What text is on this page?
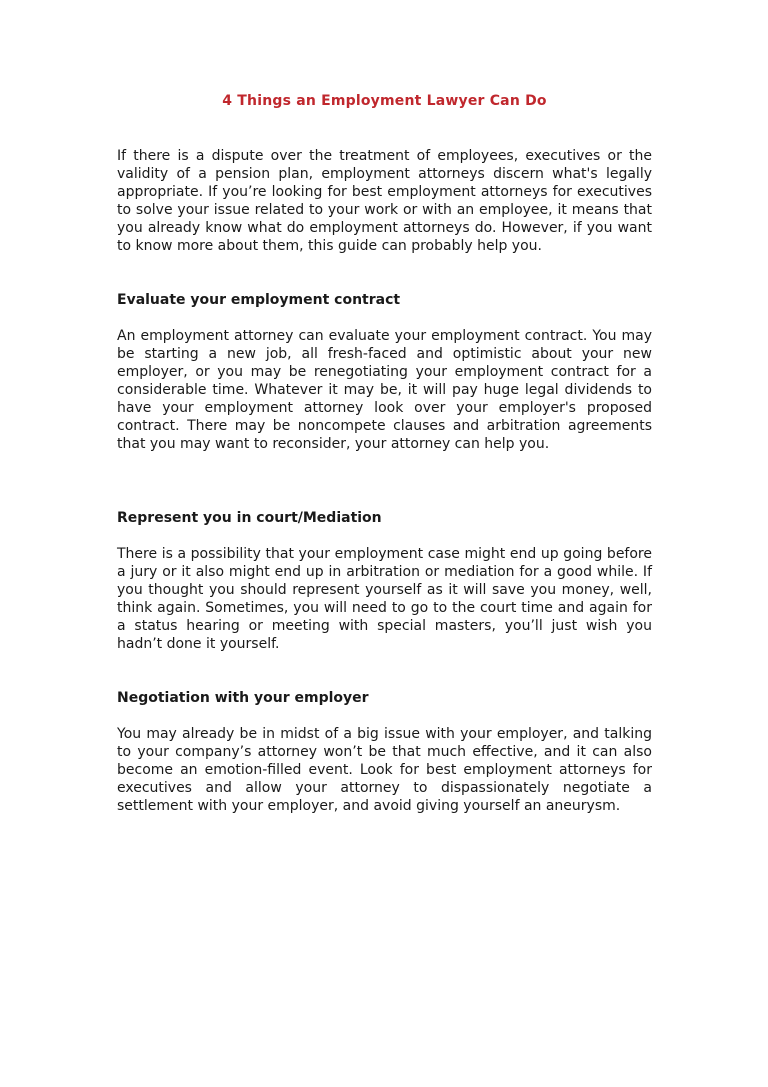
4 Things an Employment Lawyer Can Do

If there is a dispute over the treatment of employees, executives or the validity of a pension plan, employment attorneys discern what's legally appropriate. If you’re looking for best employment attorneys for executives to solve your issue related to your work or with an employee, it means that you already know what do employment attorneys do. However, if you want to know more about them, this guide can probably help you.

Evaluate your employment contract

An employment attorney can evaluate your employment contract. You may be starting a new job, all fresh-faced and optimistic about your new employer, or you may be renegotiating your employment contract for a considerable time. Whatever it may be, it will pay huge legal dividends to have your employment attorney look over your employer's proposed contract. There may be noncompete clauses and arbitration agreements that you may want to reconsider, your attorney can help you.

Represent you in court/Mediation

There is a possibility that your employment case might end up going before a jury or it also might end up in arbitration or mediation for a good while. If you thought you should represent yourself as it will save you money, well, think again. Sometimes, you will need to go to the court time and again for a status hearing or meeting with special masters, you’ll just wish you hadn’t done it yourself.

Negotiation with your employer

You may already be in midst of a big issue with your employer, and talking to your company’s attorney won’t be that much effective, and it can also become an emotion-filled event. Look for best employment attorneys for executives and allow your attorney to dispassionately negotiate a settlement with your employer, and avoid giving yourself an aneurysm.
